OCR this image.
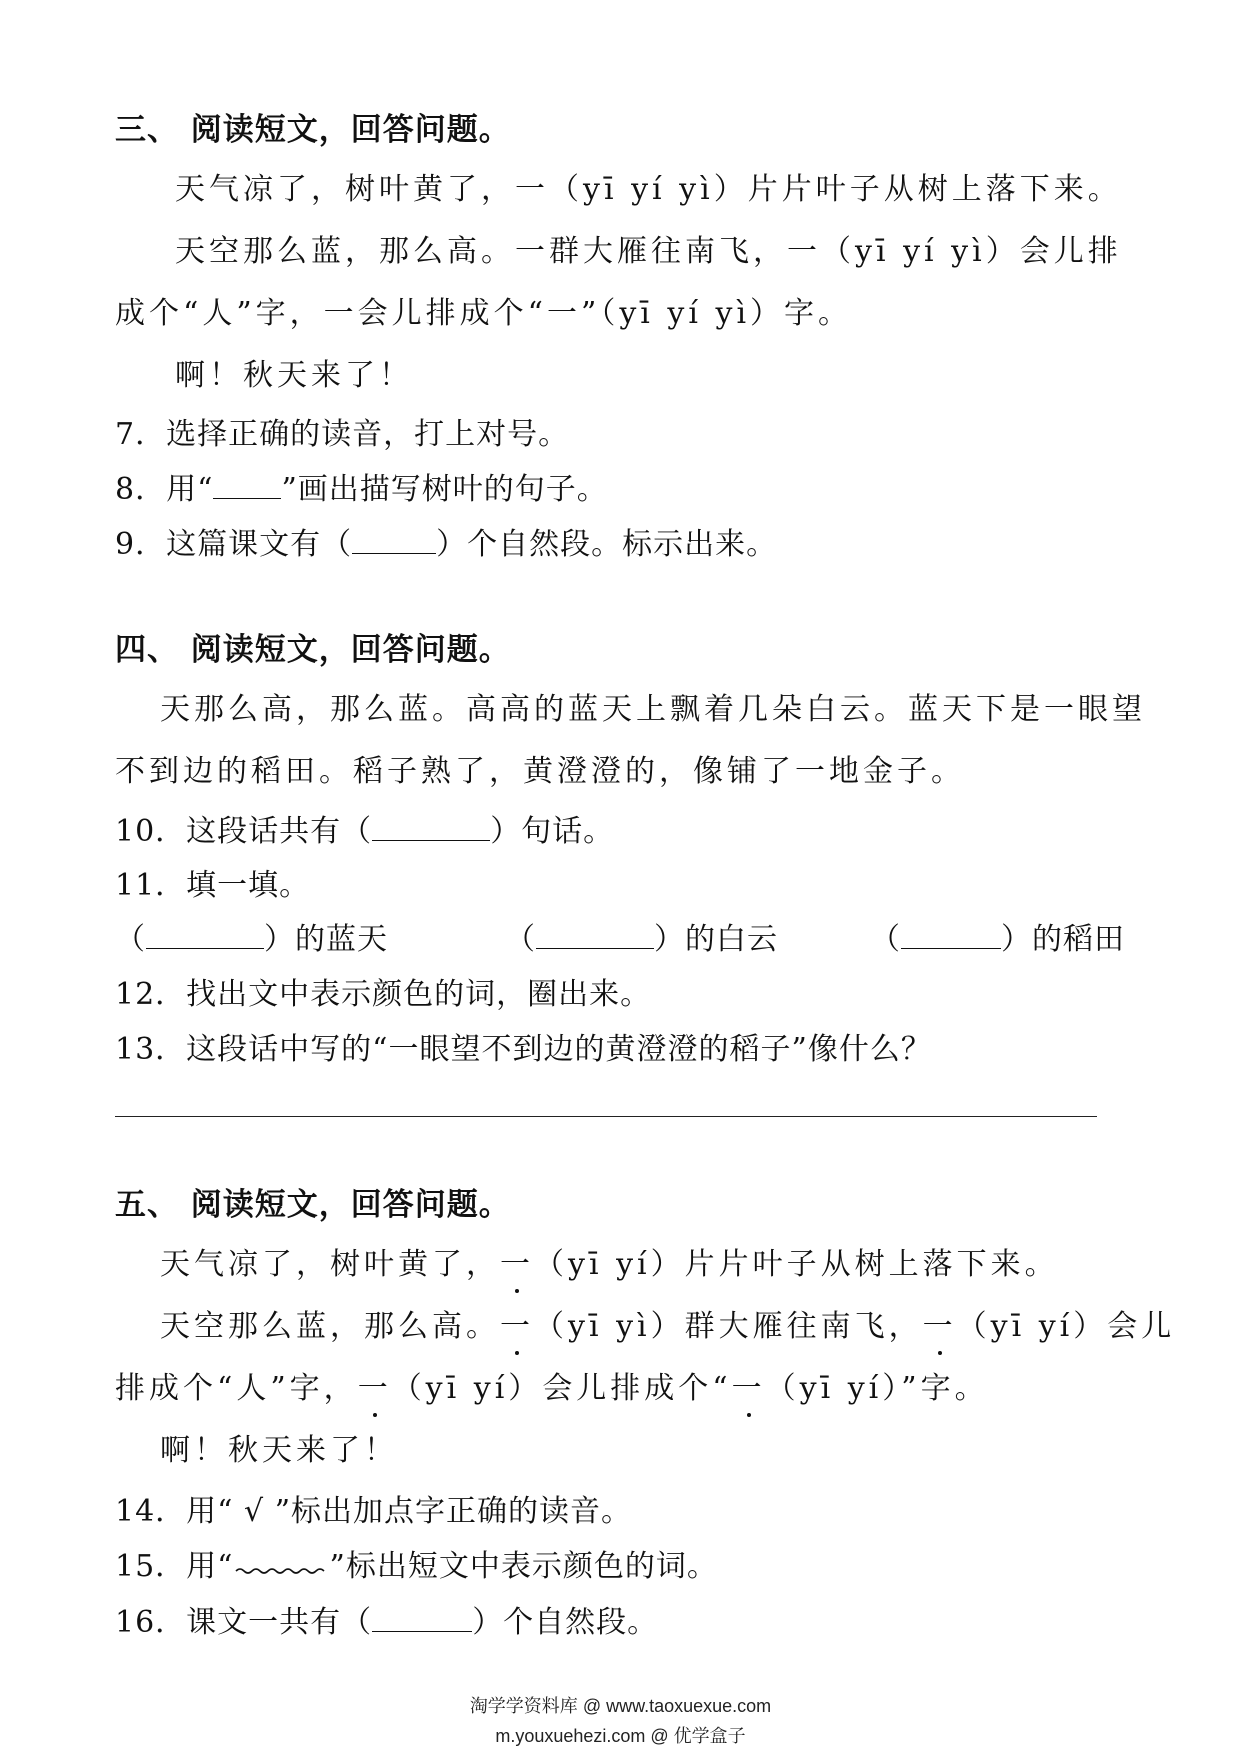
三、 阅读短文，回答问题。
天气凉了，树叶黄了，一（yī yí yì）片片叶子从树上落下来。
天空那么蓝，那么高。一群大雁往南飞，一（yī yí yì）会儿排
成个“人”字，一会儿排成个“一”（yī yí yì）字。
啊！秋天来了！
7．选择正确的读音，打上对号。
8．用“ ”画出描写树叶的句子。
9．这篇课文有（	）个自然段。标示出来。
四、 阅读短文，回答问题。
天那么高，那么蓝。高高的蓝天上飘着几朵白云。蓝天下是一眼望
不到边的稻田。稻子熟了，黄澄澄的，像铺了一地金子。
10．这段话共有（	）句话。
11．填一填。
（	）的蓝天	（	）的白云	（	）的稻田
12．找出文中表示颜色的词，圈出来。
13．这段话中写的“一眼望不到边的黄澄澄的稻子”像什么？
五、 阅读短文，回答问题。
天气凉了，树叶黄了，一（yī yí）片片叶子从树上落下来。
天空那么蓝，那么高。一（yī yì）群大雁往南飞，一（yī yí）会儿
排成个“人”字，一（yī yí）会儿排成个“一（yī yí）”字。
啊！秋天来了！
14．用“ √ ”标出加点字正确的读音。
15．用“	”标出短文中表示颜色的词。
16．课文一共有（	）个自然段。
淘学学资料库 @ www.taoxuexue.com
m.youxuehezi.com @ 优学盒子
